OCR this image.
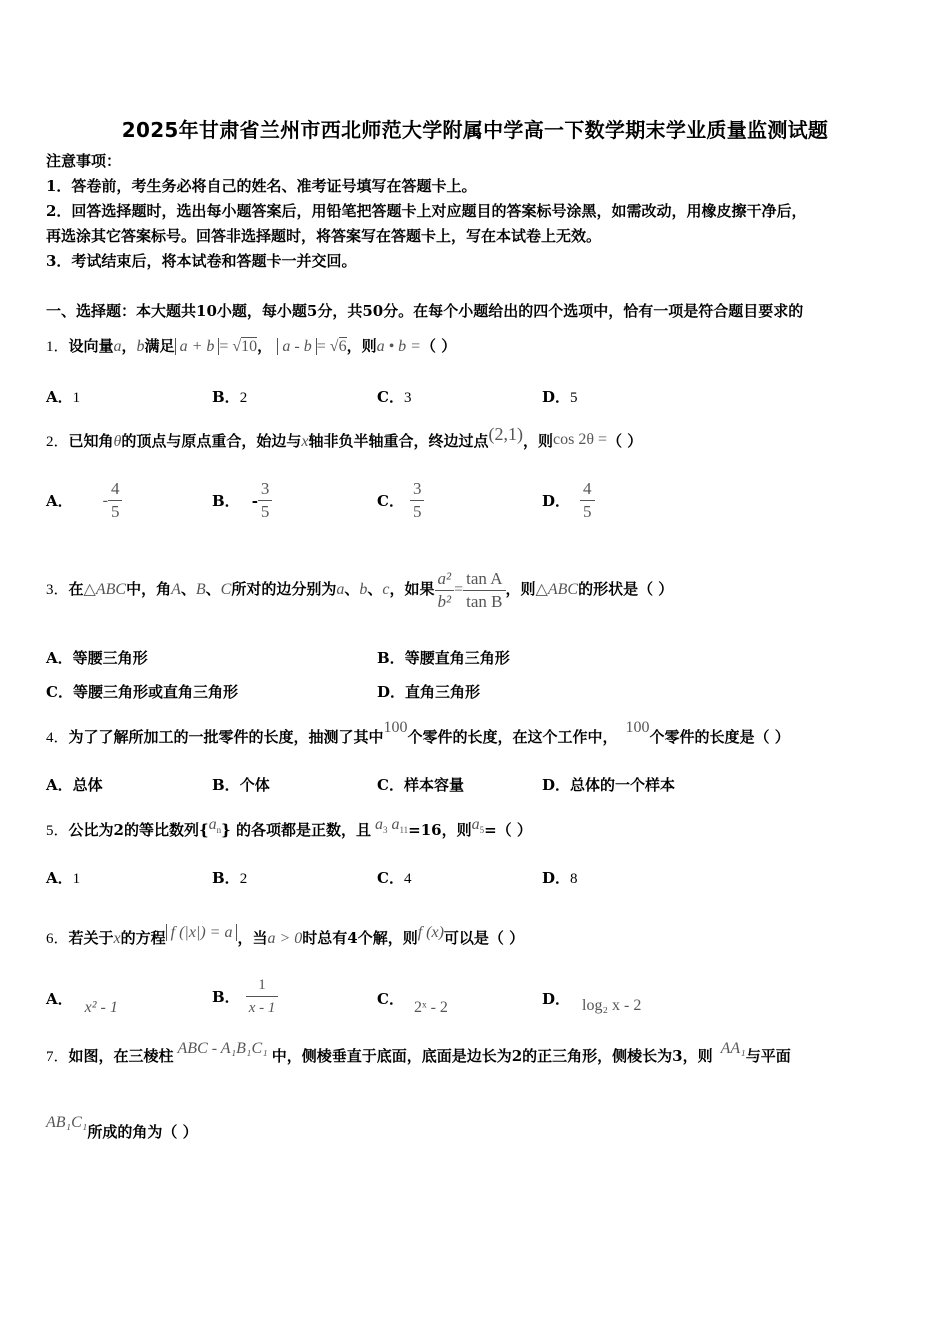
2025年甘肃省兰州市西北师范大学附属中学高一下数学期末学业质量监测试题
注意事项：
1．答卷前，考生务必将自己的姓名、准考证号填写在答题卡上。
2．回答选择题时，选出每小题答案后，用铅笔把答题卡上对应题目的答案标号涂黑，如需改动，用橡皮擦干净后，
再选涂其它答案标号。回答非选择题时，将答案写在答题卡上，写在本试卷上无效。
3．考试结束后，将本试卷和答题卡一并交回。
一、选择题：本大题共10小题，每小题5分，共50分。在每个小题给出的四个选项中，恰有一项是符合题目要求的
1．设向量a，b满足 a + b = √10， a - b = √6，则a • b =（ ）
A．1	B．2	C．3	D．5
2．已知角θ的顶点与原点重合，始边与x轴非负半轴重合，终边过点(2,1)，则cos 2θ =（ ）
A． - $\frac{4}{5}$	B． - $\frac{3}{5}$	C． $\frac{3}{5}$	D． $\frac{4}{5}$
3．在△ABC中，角A、B、C所对的边分别为a、b、c，如果 $\frac{\text{a²}}{\text{b²}} = \frac{\text{tan A}}{\text{tan B}}$ ，则△ABC的形状是（ ）
A．等腰三角形	B．等腰直角三角形
C．等腰三角形或直角三角形	D．直角三角形
4．为了了解所加工的一批零件的长度，抽测了其中100个零件的长度，在这个工作中，100个零件的长度是（ ）
A．总体	B．个体	C．样本容量	D．总体的一个样本
5．公比为2的等比数列$\{a_n\}$ 的各项都是正数，且 $a_3$ $a_{11}=16$，则$a_5=$（ ）
A．1	B．2	C．4	D．8
6．若关于x的方程 f (|x|) = a ，当a > 0时总有4个解，则f (x)可以是（ ）
A． x² - 1
B． $\frac{1}{x - 1}$	C． 2ˣ - 2	D． log₂ x - 2
7．如图，在三棱柱 ABC - A₁B₁C₁ 中，侧棱垂直于底面，底面是边长为2的正三角形，侧棱长为3，则 AA₁与平面
AB₁C₁所成的角为（ ）
